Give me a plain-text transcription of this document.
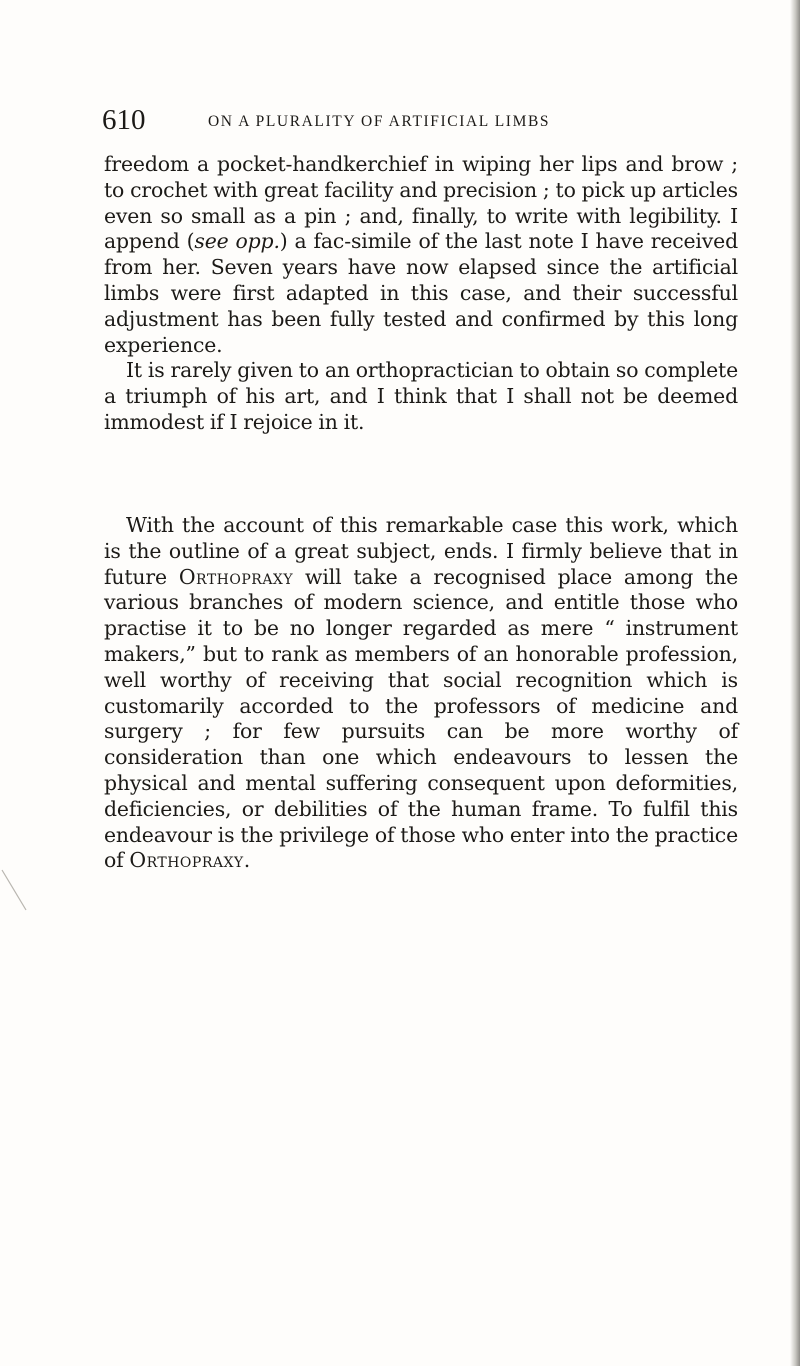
610	ON A PLURALITY OF ARTIFICIAL LIMBS

freedom a pocket-handkerchief in wiping her lips and brow ; to crochet with great facility and precision ; to pick up articles even so small as a pin ; and, finally, to write with legibility. I append (see opp.) a fac-simile of the last note I have received from her. Seven years have now elapsed since the artificial limbs were first adapted in this case, and their successful adjustment has been fully tested and confirmed by this long experience.
It is rarely given to an orthopractician to obtain so complete a triumph of his art, and I think that I shall not be deemed immodest if I rejoice in it.

With the account of this remarkable case this work, which is the outline of a great subject, ends. I firmly believe that in future Orthopraxy will take a recognised place among the various branches of modern science, and entitle those who practise it to be no longer regarded as mere “ instrument makers,” but to rank as members of an honorable profession, well worthy of receiving that social recognition which is customarily accorded to the professors of medicine and surgery ; for few pursuits can be more worthy of consideration than one which endeavours to lessen the physical and mental suffering consequent upon deformities, deficiencies, or debilities of the human frame. To fulfil this endeavour is the privilege of those who enter into the practice of Orthopraxy.
